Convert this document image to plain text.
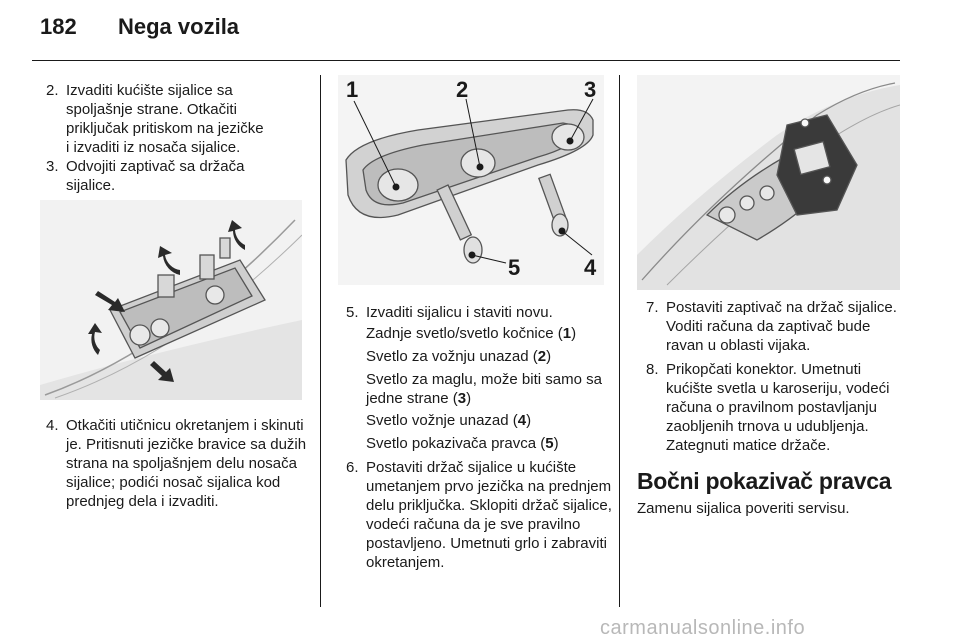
182	Nega vozila
2. Izvaditi kućište sijalice sa spoljašnje strane. Otkačiti priključak pritiskom na jezičke i izvaditi iz nosača sijalice.
3. Odvojiti zaptivač sa držača sijalice.
4. Otkačiti utičnicu okretanjem i skinuti je. Pritisnuti jezičke bravice sa dužih strana na spoljašnjem delu nosača sijalice; podići nosač sijalica kod prednjeg dela i izvaditi.
1	2	3
4
5
5. Izvaditi sijalicu i staviti novu.
Zadnje svetlo/svetlo kočnice (1)
Svetlo za vožnju unazad (2)
Svetlo za maglu, može biti samo sa jedne strane (3)
Svetlo vožnje unazad (4)
Svetlo pokazivača pravca (5)
6. Postaviti držač sijalice u kućište umetanjem prvo jezička na prednjem delu priključka. Sklopiti držač sijalice, vodeći računa da je sve pravilno postavljeno. Umetnuti grlo i zabraviti okretanjem.
7. Postaviti zaptivač na držač sijalice. Voditi računa da zaptivač bude ravan u oblasti vijaka.
8. Prikopčati konektor. Umetnuti kućište svetla u karoseriju, vodeći računa o pravilnom postavljanju zaobljenih trnova u udubljenja. Zategnuti matice držače.
Bočni pokazivač pravca
Zamenu sijalica poveriti servisu.
carmanualsonline.info
